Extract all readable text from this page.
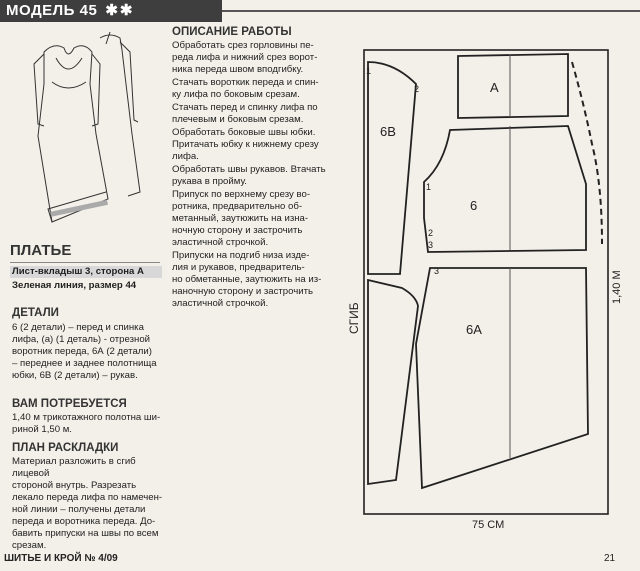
МОДЕЛЬ 45 ✱✱
ПЛАТЬЕ
Лист-вкладыш 3, сторона А
Зеленая линия, размер 44
ДЕТАЛИ
6 (2 детали) – перед и спинка
лифа, (а) (1 деталь) - отрезной
воротник переда, 6А (2 детали)
– переднее и заднее полотнища
юбки, 6В (2 детали) – рукав.
ВАМ ПОТРЕБУЕТСЯ
1,40 м трикотажного полотна ши-
риной 1,50 м.
ПЛАН РАСКЛАДКИ
Материал разложить в сгиб лицевой
стороной внутрь. Разрезать
лекало переда лифа по намечен-
ной линии – получены детали
переда и воротника переда. До-
бавить припуски на швы по всем
срезам.
ОПИСАНИЕ РАБОТЫ

Обработать срез горловины пе-
реда лифа и нижний срез ворот-
ника переда швом вподгибку.

Стачать вороткик переда и спин-
ку лифа по боковым срезам.

Стачать перед и спинку лифа по
плечевым и боковым срезам.

Обработать боковые швы юбки.
Притачать юбку к нижнему срезу
лифа.

Обработать швы рукавов. Втачать
рукава в пройму.

Припуск по верхнему срезу во-
ротника, предварительно об-
метанный, заутюжить на изна-
ночную сторону и застрочить
эластичной строчкой.

Припуски на подгиб низа изде-
лия и рукавов, предваритель-
но обметанные, заутюжить на из-
наночную сторону и застрочить
эластичной строчкой.

А
6В
6
6А
1
2
1
2
3
3
СГИБ
1,40 М
75 СМ
ШИТЬЕ И КРОЙ № 4/09	21
